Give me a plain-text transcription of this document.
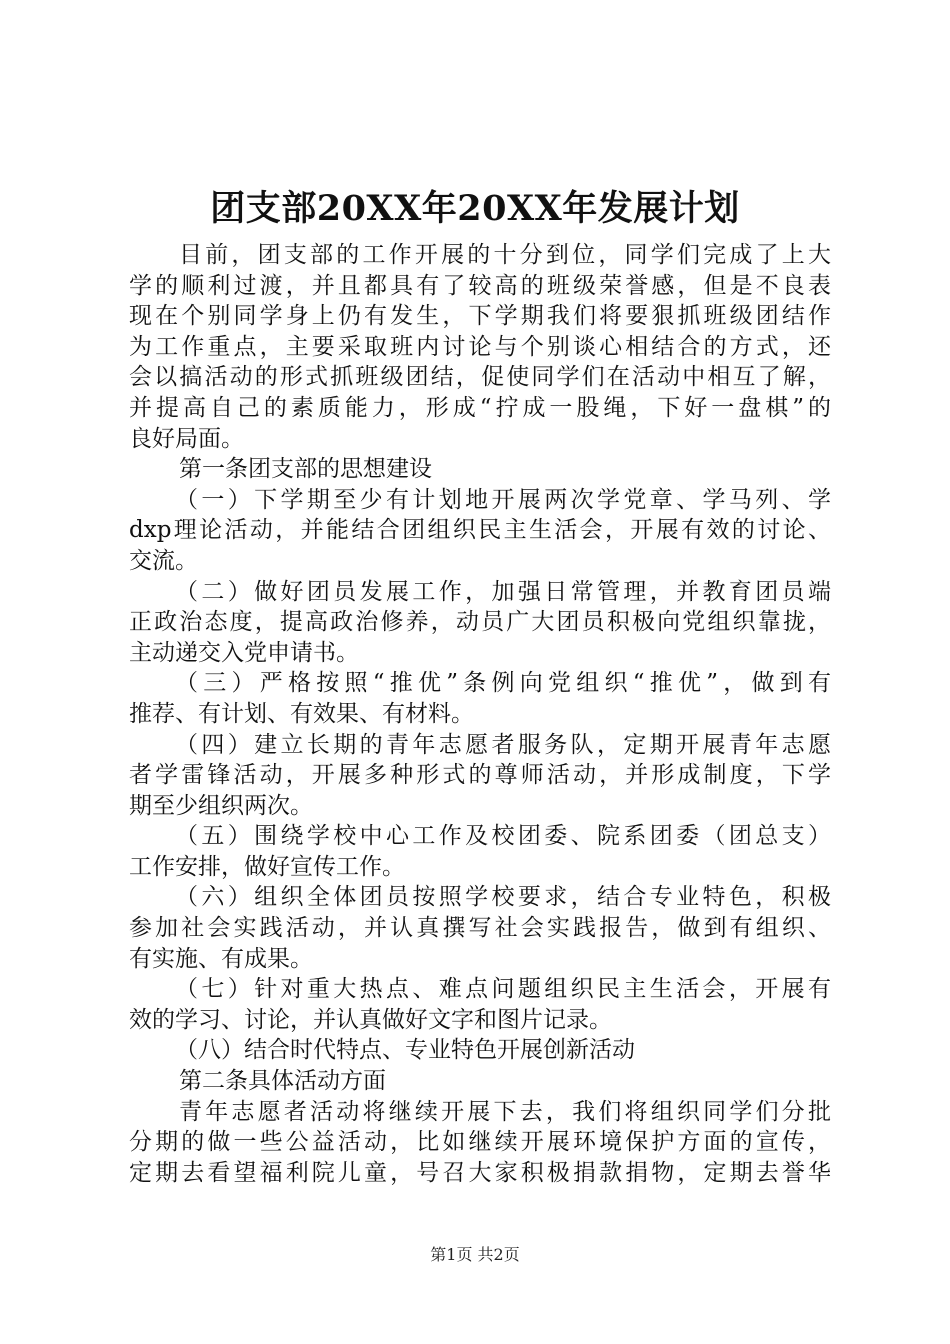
团支部20XX年20XX年发展计划
目前，团支部的工作开展的十分到位，同学们完成了上大
学的顺利过渡，并且都具有了较高的班级荣誉感，但是不良表
现在个别同学身上仍有发生，下学期我们将要狠抓班级团结作
为工作重点，主要采取班内讨论与个别谈心相结合的方式，还
会以搞活动的形式抓班级团结，促使同学们在活动中相互了解，
并提高自己的素质能力，形成“拧成一股绳，下好一盘棋”的
良好局面。
第一条团支部的思想建设
（一）下学期至少有计划地开展两次学党章、学马列、学
dxp理论活动，并能结合团组织民主生活会，开展有效的讨论、
交流。
（二）做好团员发展工作，加强日常管理，并教育团员端
正政治态度，提高政治修养，动员广大团员积极向党组织靠拢，
主动递交入党申请书。
（三）严格按照“推优”条例向党组织“推优”，做到有
推荐、有计划、有效果、有材料。
（四）建立长期的青年志愿者服务队，定期开展青年志愿
者学雷锋活动，开展多种形式的尊师活动，并形成制度，下学
期至少组织两次。
（五）围绕学校中心工作及校团委、院系团委（团总支）
工作安排，做好宣传工作。
（六）组织全体团员按照学校要求，结合专业特色，积极
参加社会实践活动，并认真撰写社会实践报告，做到有组织、
有实施、有成果。
（七）针对重大热点、难点问题组织民主生活会，开展有
效的学习、讨论，并认真做好文字和图片记录。
（八）结合时代特点、专业特色开展创新活动
第二条具体活动方面
青年志愿者活动将继续开展下去，我们将组织同学们分批
分期的做一些公益活动，比如继续开展环境保护方面的宣传，
定期去看望福利院儿童，号召大家积极捐款捐物，定期去誉华
第1页 共2页
